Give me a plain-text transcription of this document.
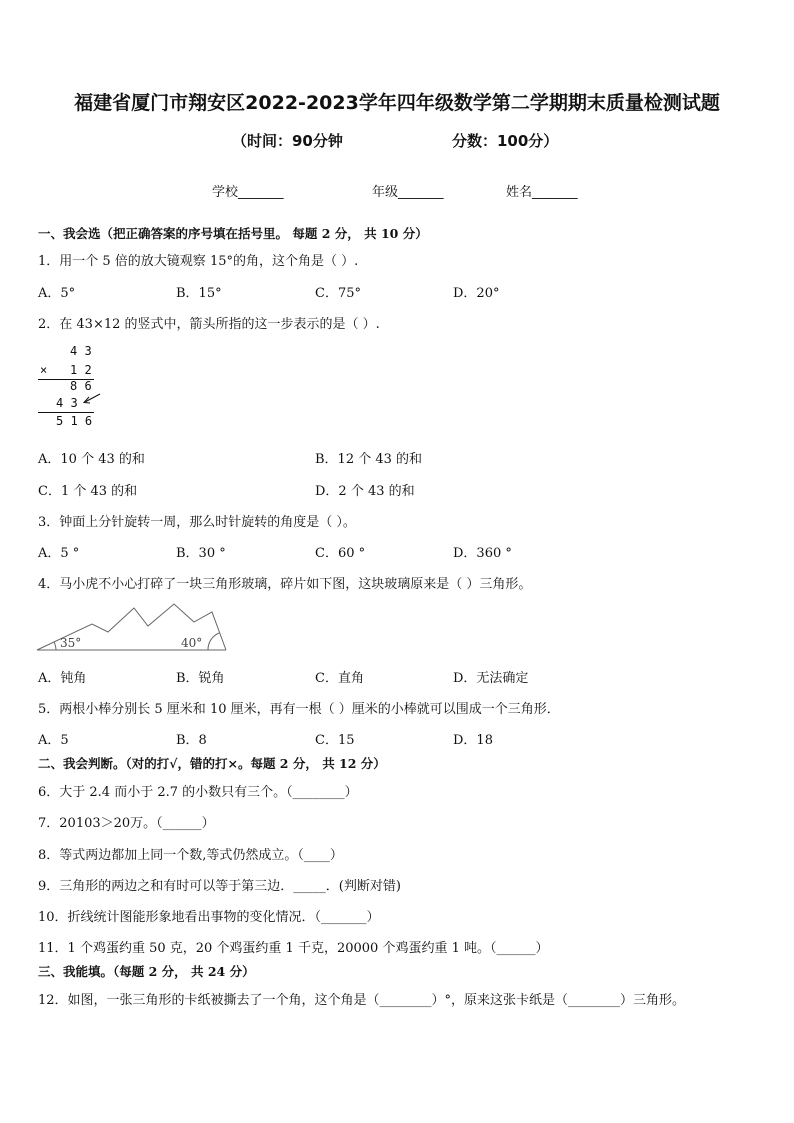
福建省厦门市翔安区2022-2023学年四年级数学第二学期期末质量检测试题
（时间：90分钟	分数：100分）
学校_______	年级_______	姓名_______
一、我会选（把正确答案的序号填在括号里。 每题 2 分， 共 10 分）
1．用一个 5 倍的放大镜观察 15°的角，这个角是（ ）.
A．5°	B．15°	C．75°	D．20°
2．在 43×12 的竖式中，箭头所指的这一步表示的是（ ）.
4 3
× 1 2
8 6
4 3
5 1 6
A．10 个 43 的和	B．12 个 43 的和
C．1 个 43 的和	D．2 个 43 的和
3．钟面上分针旋转一周，那么时针旋转的角度是（ ）。
A．5 °	B．30 °	C．60 °	D．360 °
4．马小虎不小心打碎了一块三角形玻璃，碎片如下图，这块玻璃原来是（ ）三角形。
35°	40°
A．钝角	B．锐角	C．直角	D．无法确定
5．两根小棒分别长 5 厘米和 10 厘米，再有一根（ ）厘米的小棒就可以围成一个三角形．
A．5	B．8	C．15	D．18
二、我会判断。（对的打√，错的打×。每题 2 分， 共 12 分）
6．大于 2.4 而小于 2.7 的小数只有三个。（________）
7．20103＞20万。（______）
8．等式两边都加上同一个数,等式仍然成立。（____）
9．三角形的两边之和有时可以等于第三边．_____．(判断对错)
10．折线统计图能形象地看出事物的变化情况．（_______）
11．1 个鸡蛋约重 50 克，20 个鸡蛋约重 1 千克，20000 个鸡蛋约重 1 吨。（______）
三、我能填。（每题 2 分， 共 24 分）
12．如图，一张三角形的卡纸被撕去了一个角，这个角是（________）°，原来这张卡纸是（________）三角形。
